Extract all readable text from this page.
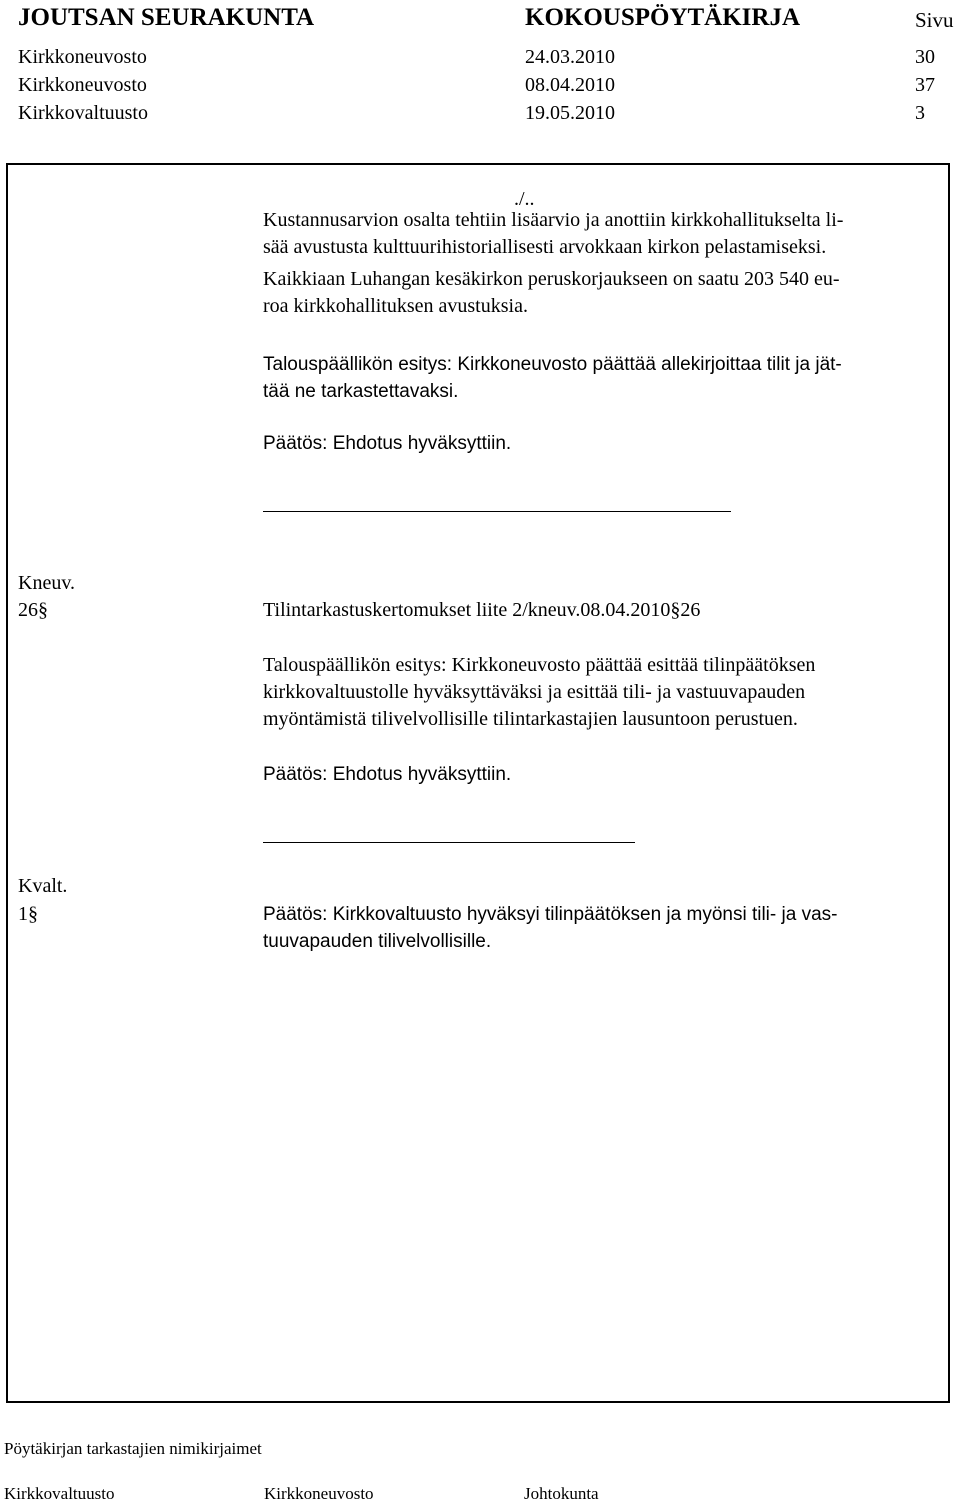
JOUTSAN SEURAKUNTA	KOKOUSPÖYTÄKIRJA	Sivu
Kirkkoneuvosto	24.03.2010	30
Kirkkoneuvosto	08.04.2010	37
Kirkkovaltuusto	19.05.2010	3
./..
Kustannusarvion osalta tehtiin lisäarvio ja anottiin kirkkohallitukselta li-
sää avustusta kulttuurihistoriallisesti arvokkaan kirkon pelastamiseksi.
Kaikkiaan Luhangan kesäkirkon peruskorjaukseen on saatu 203 540 eu-
roa kirkkohallituksen avustuksia.
Talouspäällikön esitys: Kirkkoneuvosto päättää allekirjoittaa tilit ja jät-
tää ne tarkastettavaksi.
Päätös: Ehdotus hyväksyttiin.
Kneuv.
26§	Tilintarkastuskertomukset liite 2/kneuv.08.04.2010§26
Talouspäällikön esitys: Kirkkoneuvosto päättää esittää tilinpäätöksen
kirkkovaltuustolle hyväksyttäväksi ja esittää tili- ja vastuuvapauden
myöntämistä tilivelvollisille tilintarkastajien lausuntoon perustuen.
Päätös: Ehdotus hyväksyttiin.
Kvalt.
1§	Päätös: Kirkkovaltuusto hyväksyi tilinpäätöksen ja myönsi tili- ja vas-
tuuvapauden tilivelvollisille.
Pöytäkirjan tarkastajien nimikirjaimet
Kirkkovaltuusto	Kirkkoneuvosto	Johtokunta
